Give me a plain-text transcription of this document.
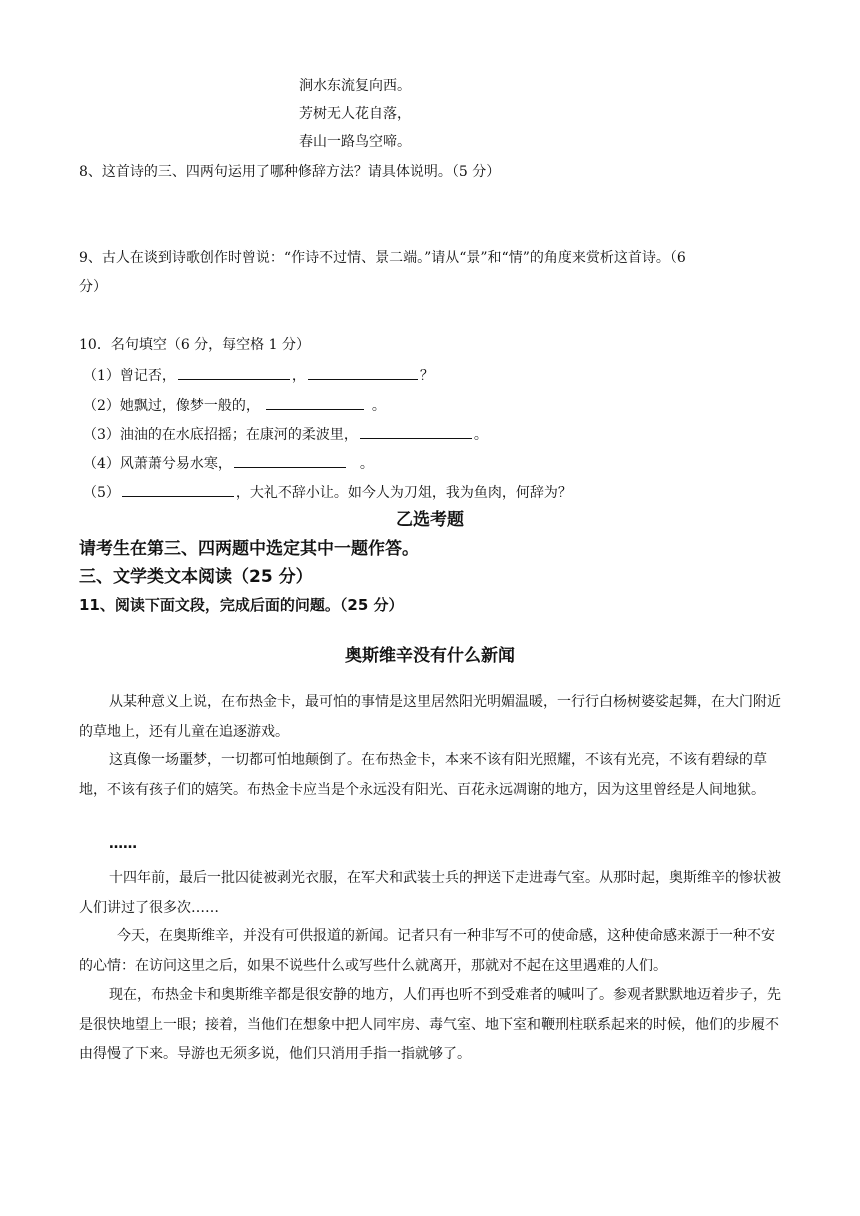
涧水东流复向西。
芳树无人花自落，
春山一路鸟空啼。
8、这首诗的三、四两句运用了哪种修辞方法？请具体说明。（5 分）
9、古人在谈到诗歌创作时曾说：“作诗不过情、景二端。”请从“景”和“情”的角度来赏析这首诗。（6
分）
10．名句填空（6 分，每空格 1 分）
（1）曾记否，	，	？
（2）她飘过，像梦一般的，	。
（3）油油的在水底招摇；在康河的柔波里，	。
（4）风萧萧兮易水寒，	。
（5）	，大礼不辞小让。如今人为刀俎，我为鱼肉，何辞为？
乙选考题
请考生在第三、四两题中选定其中一题作答。
三、文学类文本阅读（25 分）
11、阅读下面文段，完成后面的问题。（25 分）
奥斯维辛没有什么新闻
从某种意义上说，在布热金卡，最可怕的事情是这里居然阳光明媚温暖，一行行白杨树婆娑起舞，在大门附近的草地上，还有儿童在追逐游戏。
这真像一场噩梦，一切都可怕地颠倒了。在布热金卡，本来不该有阳光照耀，不该有光亮，不该有碧绿的草地，不该有孩子们的嬉笑。布热金卡应当是个永远没有阳光、百花永远凋谢的地方，因为这里曾经是人间地狱。
……
十四年前，最后一批囚徒被剥光衣服，在军犬和武装士兵的押送下走进毒气室。从那时起，奥斯维辛的惨状被人们讲过了很多次……
今天，在奥斯维辛，并没有可供报道的新闻。记者只有一种非写不可的使命感，这种使命感来源于一种不安的心情：在访问这里之后，如果不说些什么或写些什么就离开，那就对不起在这里遇难的人们。
现在，布热金卡和奥斯维辛都是很安静的地方，人们再也听不到受难者的喊叫了。参观者默默地迈着步子，先是很快地望上一眼；接着，当他们在想象中把人同牢房、毒气室、地下室和鞭刑柱联系起来的时候，他们的步履不由得慢了下来。导游也无须多说，他们只消用手指一指就够了。
